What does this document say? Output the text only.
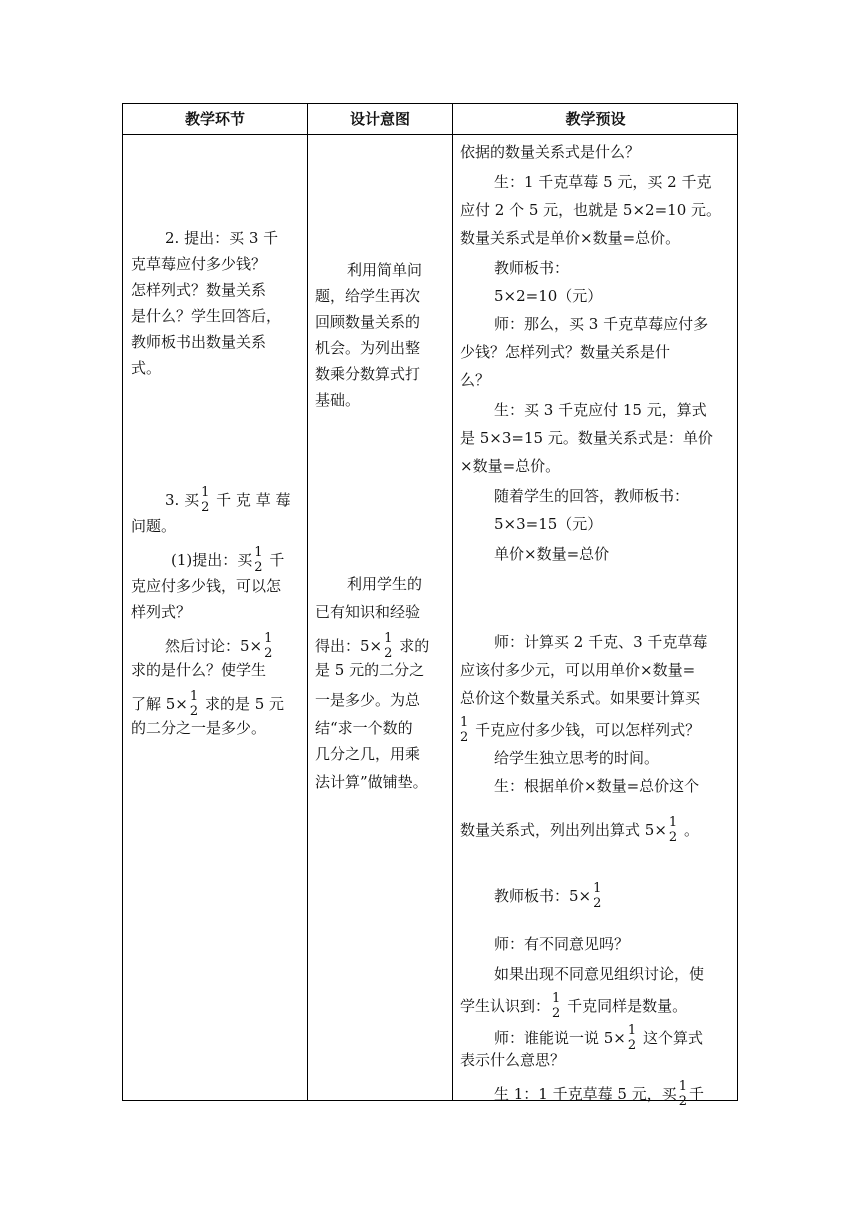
教学环节	设计意图	教学预设
2. 提出：买 3 千
克草莓应付多少钱？
怎样列式？数量关系
是什么？学生回答后，
教师板书出数量关系
式。
3. 买 1
2 千 克 草 莓
问题。
(1)提出：买 1
2 千
克应付多少钱，可以怎
样列式？
然后讨论：5× 1
2
求的是什么？使学生
了解 5× 1
2 求的是 5 元
的二分之一是多少。
利用简单问
题，给学生再次
回顾数量关系的
机会。为列出整
数乘分数算式打
基础。
利用学生的
已有知识和经验
得出：5× 1
2 求的
是 5 元的二分之
一是多少。为总
结“求一个数的
几分之几，用乘
法计算”做铺垫。
依据的数量关系式是什么？
生：1 千克草莓 5 元，买 2 千克
应付 2 个 5 元，也就是 5×2=10 元。
数量关系式是单价×数量=总价。
教师板书：
5×2=10（元）
师：那么，买 3 千克草莓应付多
少钱？怎样列式？数量关系是什
么？
生：买 3 千克应付 15 元，算式
是 5×3=15 元。数量关系式是：单价
×数量=总价。
随着学生的回答，教师板书：
5×3=15（元）
单价×数量=总价
师：计算买 2 千克、3 千克草莓
应该付多少元，可以用单价×数量=
总价这个数量关系式。如果要计算买
1
2 千克应付多少钱，可以怎样列式？
给学生独立思考的时间。
生：根据单价×数量=总价这个
数量关系式，列出列出算式 5× 1
2 。
教师板书：5× 1
2
师：有不同意见吗？
如果出现不同意见组织讨论，使
学生认识到： 1
2 千克同样是数量。
师：谁能说一说 5× 1
2 这个算式
表示什么意思？
生 1：1 千克草莓 5 元，买 1
2 千
